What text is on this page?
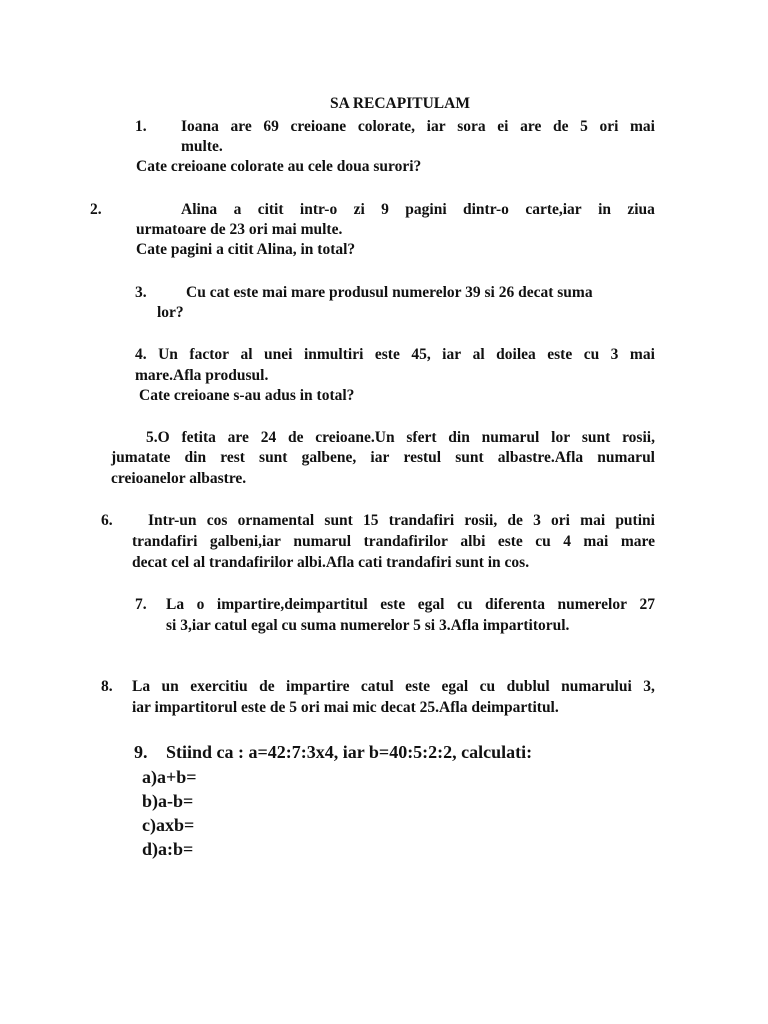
SA RECAPITULAM
1. Ioana are 69 creioane colorate, iar sora ei are de 5 ori mai
multe.
Cate creioane colorate au cele doua surori?
2.	Alina a citit intr-o zi 9 pagini dintr-o carte,iar in ziua
urmatoare de 23 ori mai multe.
Cate pagini a citit Alina, in total?
3.	Cu cat este mai mare produsul numerelor 39 si 26 decat suma
lor?
4. Un factor al unei inmultiri este 45, iar al doilea este cu 3 mai
mare.Afla produsul.
Cate creioane s-au adus in total?
5.O fetita are 24 de creioane.Un sfert din numarul lor sunt rosii,
jumatate din rest sunt galbene, iar restul sunt albastre.Afla numarul
creioanelor albastre.
6. Intr-un cos ornamental sunt 15 trandafiri rosii, de 3 ori mai putini
trandafiri galbeni,iar numarul trandafirilor albi este cu 4 mai mare
decat cel al trandafirilor albi.Afla cati trandafiri sunt in cos.
7. La o impartire,deimpartitul este egal cu diferenta numerelor 27
si 3,iar catul egal cu suma numerelor 5 si 3.Afla impartitorul.
8. La un exercitiu de impartire catul este egal cu dublul numarului 3,
iar impartitorul este de 5 ori mai mic decat 25.Afla deimpartitul.
9. Stiind ca : a=42:7:3x4, iar b=40:5:2:2, calculati:
a)a+b=
b)a-b=
c)axb=
d)a:b=
